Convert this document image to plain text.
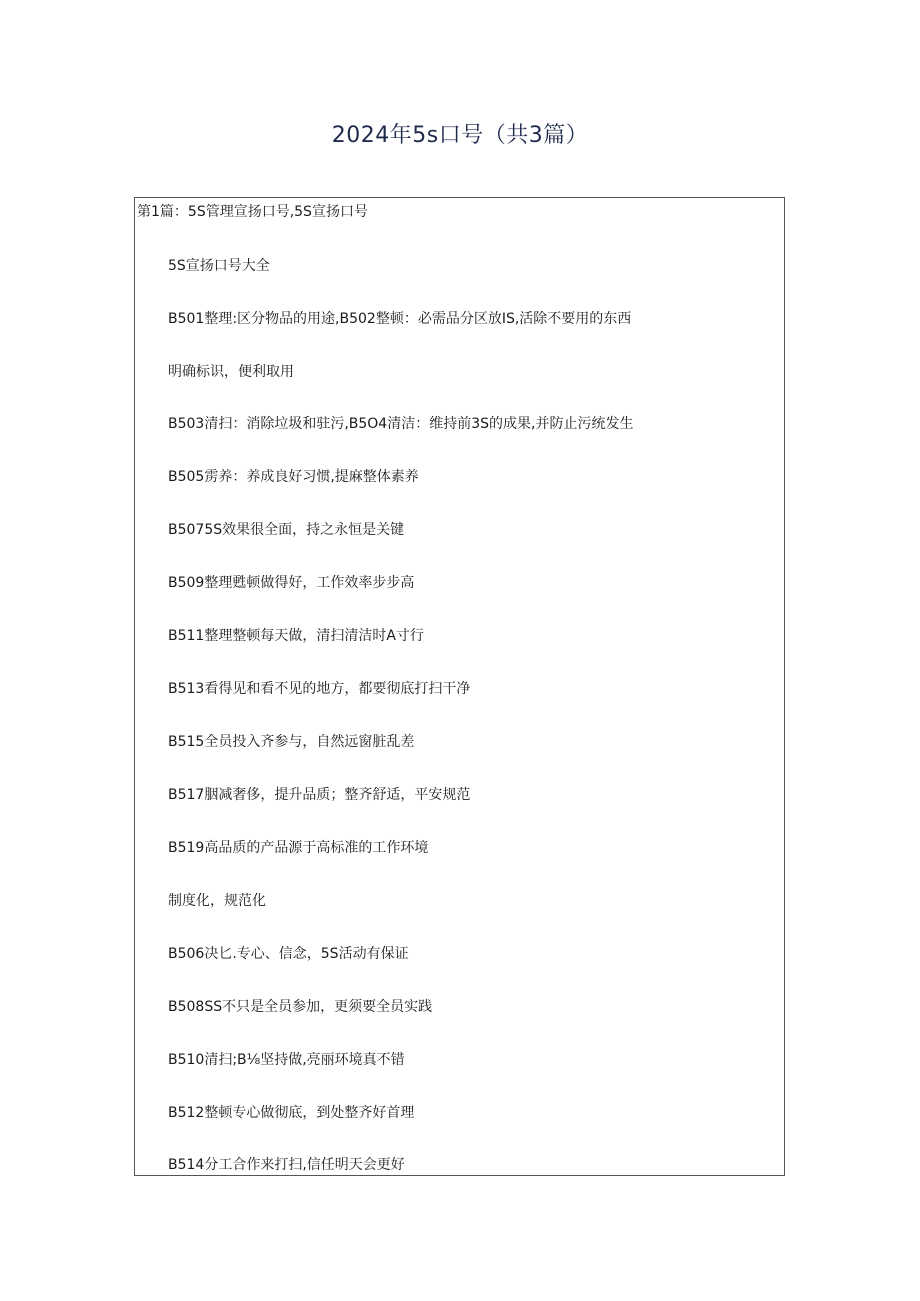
2024年5s口号（共3篇）
第1篇：5S管理宣扬口号,5S宣扬口号
5S宣扬口号大全
B501整理:区分物品的用途,B502整顿：必需品分区放IS,活除不要用的东西
明确标识，便利取用
B503清扫：消除垃圾和驻污,B5O4清洁：维持前3S的成果,并防止污统发生
B505雳养：养成良好习惯,提麻整体素养
B5075S效果很全面，持之永恒是关键
B509整理甦顿做得好，工作效率步步高
B511整理整顿每天做，清扫清洁时A寸行
B513看得见和看不见的地方，都要彻底打扫干净
B515全员投入齐参与，自然远窗脏乱差
B517胭减奢侈，提升品质；整齐舒适，平安规范
B519高品质的产品源于高标准的工作环境
制度化，规范化
B506决匕.专心、信念，5S活动有保证
B508SS不只是全员参加，更须要全员实践
B510清扫;B⅛坚持做,亮丽环境真不错
B512整顿专心做彻底，到处整齐好首理
B514分工合作来打扫,信任明天会更好
